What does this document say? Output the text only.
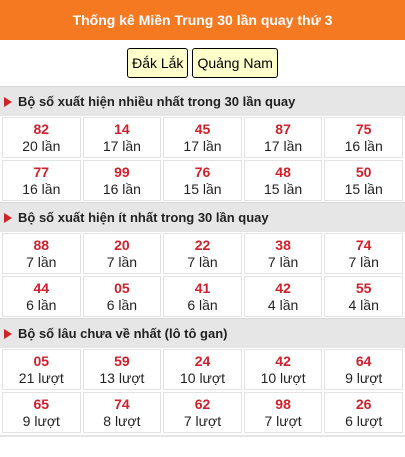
Thống kê Miền Trung 30 lần quay thứ 3
Đắk Lắk	Quảng Nam
Bộ số xuất hiện nhiều nhất trong 30 lần quay
82
20 lần
14
17 lần
45
17 lần
87
17 lần
75
16 lần
77
16 lần
99
16 lần
76
15 lần
48
15 lần
50
15 lần
Bộ số xuất hiện ít nhất trong 30 lần quay
88
7 lần
20
7 lần
22
7 lần
38
7 lần
74
7 lần
44
6 lần
05
6 lần
41
6 lần
42
4 lần
55
4 lần
Bộ số lâu chưa về nhất (lô tô gan)
05
21 lượt
59
13 lượt
24
10 lượt
42
10 lượt
64
9 lượt
65
9 lượt
74
8 lượt
62
7 lượt
98
7 lượt
26
6 lượt
